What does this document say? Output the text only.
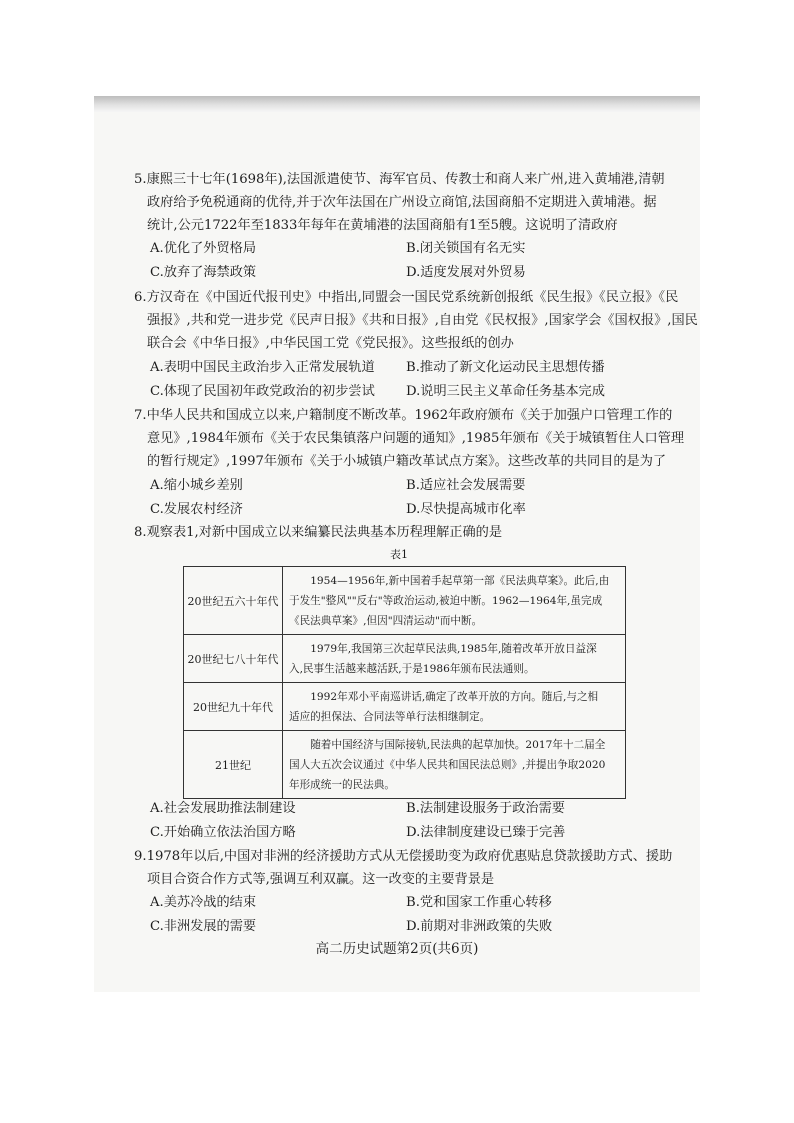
5.康熙三十七年(1698年),法国派遣使节、海军官员、传教士和商人来广州,进入黄埔港,清朝

政府给予免税通商的优待,并于次年法国在广州设立商馆,法国商船不定期进入黄埔港。据

统计,公元1722年至1833年每年在黄埔港的法国商船有1至5艘。这说明了清政府

A.优化了外贸格局	B.闭关锁国有名无实
C.放弃了海禁政策	D.适度发展对外贸易

6.方汉奇在《中国近代报刊史》中指出,同盟会一国民党系统新创报纸《民生报》《民立报》《民

强报》,共和党一进步党《民声日报》《共和日报》,自由党《民权报》,国家学会《国权报》,国民

联合会《中华日报》,中华民国工党《党民报》。这些报纸的创办

A.表明中国民主政治步入正常发展轨道 B.推动了新文化运动民主思想传播
C.体现了民国初年政党政治的初步尝试 D.说明三民主义革命任务基本完成

7.中华人民共和国成立以来,户籍制度不断改革。1962年政府颁布《关于加强户口管理工作的

意见》,1984年颁布《关于农民集镇落户问题的通知》,1985年颁布《关于城镇暂住人口管理

的暂行规定》,1997年颁布《关于小城镇户籍改革试点方案》。这些改革的共同目的是为了

A.缩小城乡差别	B.适应社会发展需要
C.发展农村经济	D.尽快提高城市化率

8.观察表1,对新中国成立以来编纂民法典基本历程理解正确的是

表1
20世纪五六十年代	1954—1956年,新中国着手起草第一部《民法典草案》。此后,由
于发生"整风""反右"等政治运动,被迫中断。1962—1964年,虽完成
《民法典草案》,但因"四清运动"而中断。

20世纪七八十年代	1979年,我国第三次起草民法典,1985年,随着改革开放日益深
入,民事生活越来越活跃,于是1986年颁布民法通则。

20世纪九十年代	1992年邓小平南巡讲话,确定了改革开放的方向。随后,与之相
适应的担保法、合同法等单行法相继制定。

21世纪	随着中国经济与国际接轨,民法典的起草加快。2017年十二届全
国人大五次会议通过《中华人民共和国民法总则》,并提出争取2020
年形成统一的民法典。
A.社会发展助推法制建设	B.法制建设服务于政治需要
C.开始确立依法治国方略	D.法律制度建设已臻于完善

9.1978年以后,中国对非洲的经济援助方式从无偿援助变为政府优惠贴息贷款援助方式、援助

项目合资合作方式等,强调互利双赢。这一改变的主要背景是

A.美苏冷战的结束	B.党和国家工作重心转移
C.非洲发展的需要	D.前期对非洲政策的失败
高二历史试题第2页(共6页)
